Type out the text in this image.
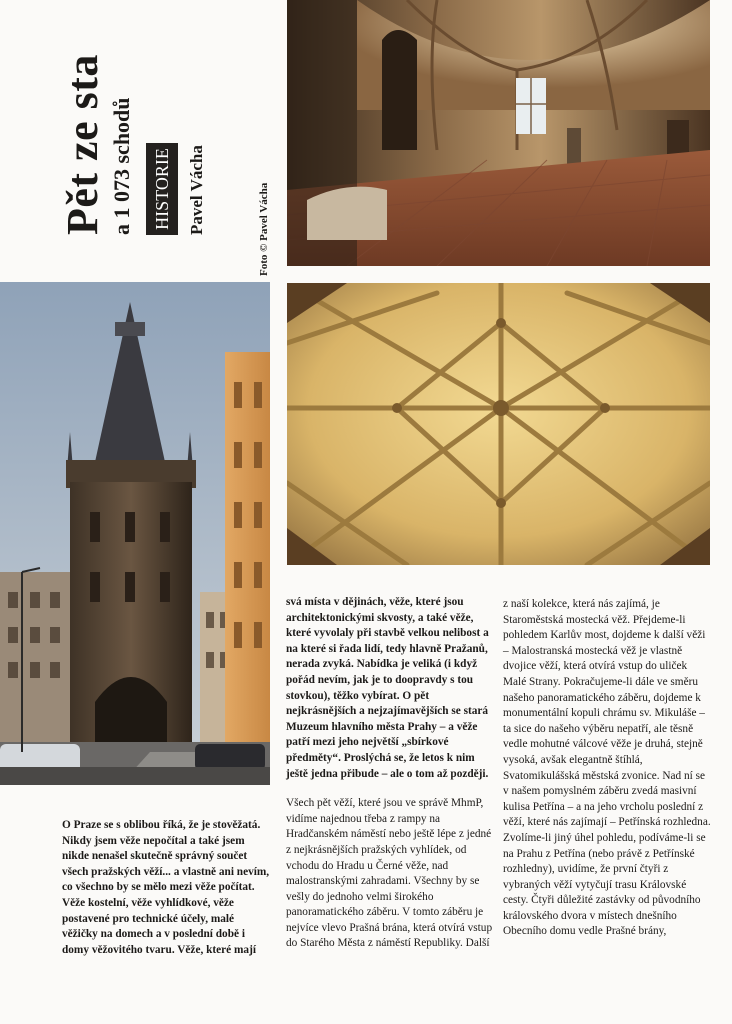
Pět ze sta a 1 073 schodů	HISTORIE Pavel Vácha	Foto © Pavel Vácha

O Praze se s oblibou říká, že je stověžatá. Nikdy jsem věže nepočítal a také jsem nikde nenašel skutečně správný součet všech pražských věží... a vlastně ani nevím, co všechno by se mělo mezi věže počítat. Věže kostelní, věže vyhlídkové, věže postavené pro technické účely, malé věžičky na domech a v poslední době i domy věžovitého tvaru. Věže, které mají

svá místa v dějinách, věže, které jsou architektonickými skvosty, a také věže, které vyvolaly při stavbě velkou nelibost a na které si řada lidí, tedy hlavně Pražanů, nerada zvyká. Nabídka je veliká (i když pořád nevím, jak je to doopravdy s tou stovkou), těžko vybírat. O pět nejkrásnějších a nejzajímavějších se stará Muzeum hlavního města Prahy – a věže patří mezi jeho největší „sbírkové předměty“. Proslýchá se, že letos k nim ještě jedna přibude – ale o tom až později.

Všech pět věží, které jsou ve správě MhmP, vidíme najednou třeba z rampy na Hradčanském náměstí nebo ještě lépe z jedné z nejkrásnějších pražských vyhlídek, od vchodu do Hradu u Černé věže, nad malostranskými zahradami. Všechny by se vešly do jednoho velmi širokého panoramatického záběru. V tomto záběru je nejvíce vlevo Prašná brána, která otvírá vstup do Starého Města z náměstí Republiky. Další

z naší kolekce, která nás zajímá, je Staroměstská mostecká věž. Přejdeme-li pohledem Karlův most, dojdeme k další věži – Malostranská mostecká věž je vlastně dvojice věží, která otvírá vstup do uliček Malé Strany. Pokračujeme-li dále ve směru našeho panoramatického záběru, dojdeme k monumentální kopuli chrámu sv. Mikuláše – ta sice do našeho výběru nepatří, ale těsně vedle mohutné válcové věže je druhá, stejně vysoká, avšak elegantně štíhlá, Svatomikulášská městská zvonice. Nad ní se v našem pomyslném záběru zvedá masivní kulisa Petřína – a na jeho vrcholu poslední z věží, které nás zajímají – Petřínská rozhledna. Zvolíme-li jiný úhel pohledu, podíváme-li se na Prahu z Petřína (nebo právě z Petřínské rozhledny), uvidíme, že první čtyři z vybraných věží vytyčují trasu Královské cesty. Čtyři důležité zastávky od původního královského dvora v místech dnešního Obecního domu vedle Prašné brány,
